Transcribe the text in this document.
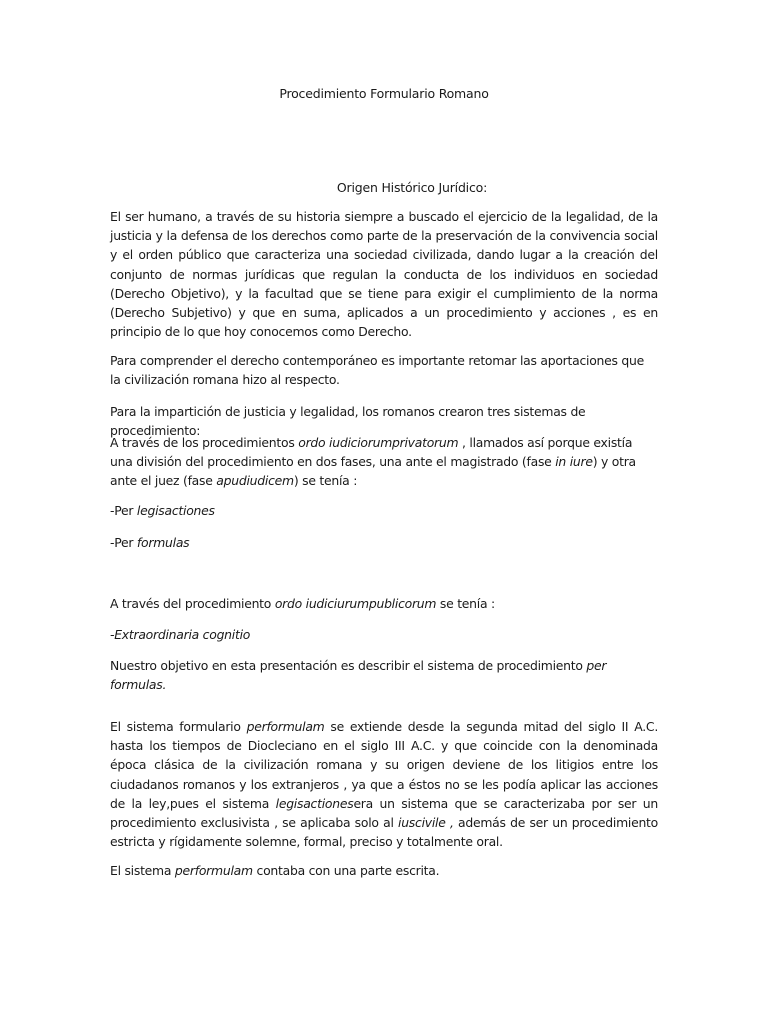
Procedimiento Formulario Romano
Origen Histórico Jurídico:

El ser humano, a través de su historia siempre a buscado el ejercicio de la legalidad, de la justicia y la defensa de los derechos como parte de la preservación de la convivencia social y el orden público que caracteriza una sociedad civilizada, dando lugar a la creación del conjunto de normas jurídicas que regulan la conducta de los individuos en sociedad (Derecho Objetivo), y la facultad que se tiene para exigir el cumplimiento de la norma (Derecho Subjetivo) y que en suma, aplicados a un procedimiento y acciones , es en principio de lo que hoy conocemos como Derecho.

Para comprender el derecho contemporáneo es importante retomar las aportaciones que la civilización romana hizo al respecto.

Para la impartición de justicia y legalidad, los romanos crearon tres sistemas de procedimiento:

A través de los procedimientos ordo iudiciorumprivatorum , llamados así porque existía una división del procedimiento en dos fases, una ante el magistrado (fase in iure) y otra ante el juez (fase apudiudicem) se tenía :

-Per legisactiones

-Per formulas

A través del procedimiento ordo iudiciurumpublicorum se tenía :

-Extraordinaria cognitio

Nuestro objetivo en esta presentación es describir el sistema de procedimiento per formulas.

El sistema formulario performulam se extiende desde la segunda mitad del siglo II A.C. hasta los tiempos de Diocleciano en el siglo III A.C. y que coincide con la denominada época clásica de la civilización romana y su origen deviene de los litigios entre los ciudadanos romanos y los extranjeros , ya que a éstos no se les podía aplicar las acciones de la ley,pues el sistema legisactionesera un sistema que se caracterizaba por ser un procedimiento exclusivista , se aplicaba solo al iuscivile , además de ser un procedimiento estricta y rígidamente solemne, formal, preciso y totalmente oral.

El sistema performulam contaba con una parte escrita.
